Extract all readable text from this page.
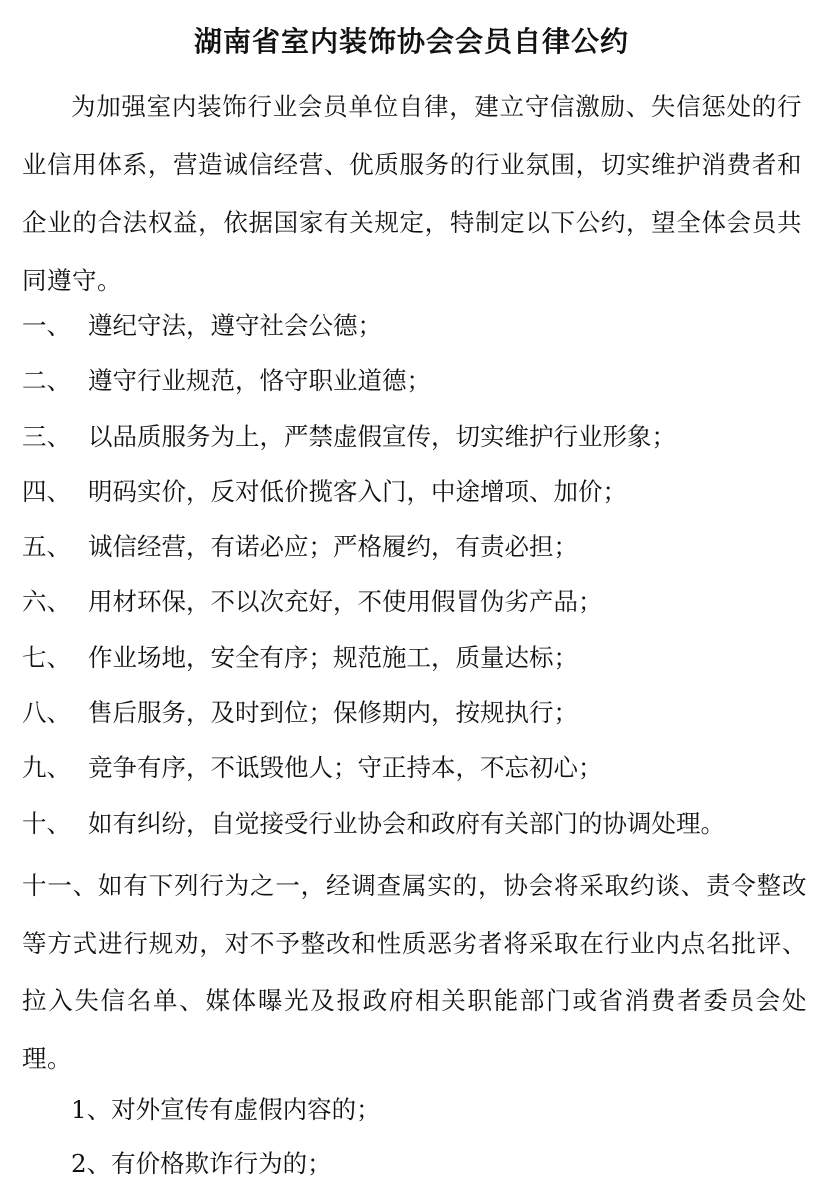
湖南省室内装饰协会会员自律公约
为加强室内装饰行业会员单位自律，建立守信激励、失信惩处的行业信用体系，营造诚信经营、优质服务的行业氛围，切实维护消费者和企业的合法权益，依据国家有关规定，特制定以下公约，望全体会员共同遵守。
一、 遵纪守法，遵守社会公德；
二、 遵守行业规范，恪守职业道德；
三、 以品质服务为上，严禁虚假宣传，切实维护行业形象；
四、 明码实价，反对低价揽客入门，中途增项、加价；
五、 诚信经营，有诺必应；严格履约，有责必担；
六、 用材环保，不以次充好，不使用假冒伪劣产品；
七、 作业场地，安全有序；规范施工，质量达标；
八、 售后服务，及时到位；保修期内，按规执行；
九、 竞争有序，不诋毁他人；守正持本，不忘初心；
十、 如有纠纷，自觉接受行业协会和政府有关部门的协调处理。
十一、如有下列行为之一，经调查属实的，协会将采取约谈、责令整改等方式进行规劝，对不予整改和性质恶劣者将采取在行业内点名批评、拉入失信名单、媒体曝光及报政府相关职能部门或省消费者委员会处理。
1、对外宣传有虚假内容的；
2、有价格欺诈行为的；
